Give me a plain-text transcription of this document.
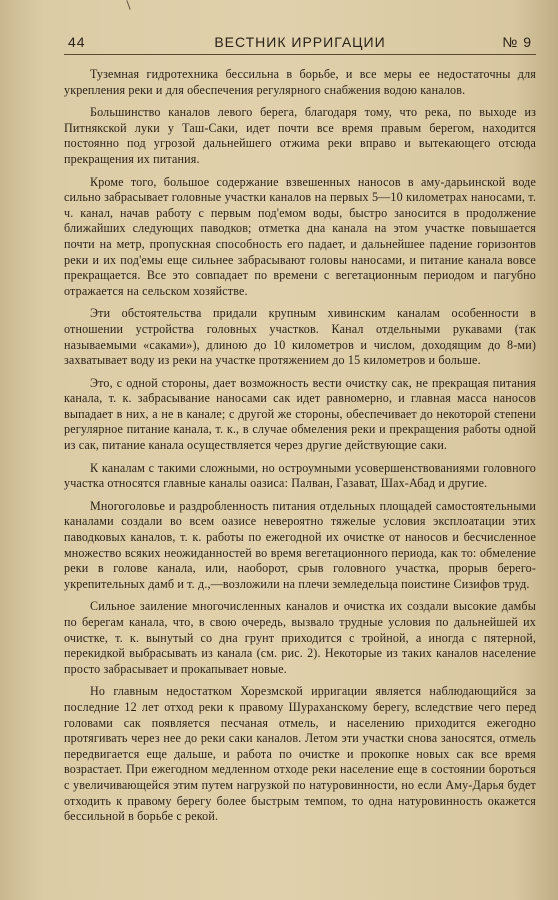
44	ВЕСТНИК ИРРИГАЦИИ	№ 9

Туземная гидротехника бессильна в борьбе, и все меры ее недостаточны для укрепления реки и для обеспечения регулярного снабжения водою каналов.

Большинство каналов левого берега, благодаря тому, что река, по выходе из Питнякской луки у Таш-Саки, идет почти все время правым берегом, находится постоянно под угрозой дальнейшего отжима реки вправо и вытекающего отсюда прекращения их питания.

Кроме того, большое содержание взвешенных наносов в аму-дарьинской воде сильно забрасывает головные участки каналов на первых 5—10 километрах наносами, т. ч. канал, начав работу с первым под'емом воды, быстро заносится в продолжение ближайших следующих паводков; отметка дна канала на этом участке повышается почти на метр, пропускная способность его падает, и дальнейшее падение горизонтов реки и их под'емы еще сильнее забрасывают головы наносами, и питание канала вовсе прекращается. Все это совпадает по времени с вегетационным периодом и пагубно отражается на сельском хозяйстве.

Эти обстоятельства придали крупным хивинским каналам особенности в отношении устройства головных участков. Канал отдельными рукавами (так называемыми «саками»), длиною до 10 километров и числом, доходящим до 8-ми) захватывает воду из реки на участке протяжением до 15 километров и больше.

Это, с одной стороны, дает возможность вести очистку сак, не прекращая питания канала, т. к. забрасывание наносами сак идет равномерно, и главная масса наносов выпадает в них, а не в канале; с другой же стороны, обеспечивает до некоторой степени регулярное питание канала, т. к., в случае обмеления реки и прекращения работы одной из сак, питание канала осуществляется через другие действующие саки.

К каналам с такими сложными, но остроумными усовершенствованиями головного участка относятся главные каналы оазиса: Палван, Газават, Шах-Абад и другие.

Многоголовье и раздробленность питания отдельных площадей самостоятельными каналами создали во всем оазисе невероятно тяжелые условия эксплоатации этих паводковых каналов, т. к. работы по ежегодной их очистке от наносов и бесчисленное множество всяких неожиданностей во время вегетационного периода, как то: обмеление реки в голове канала, или, наоборот, срыв головного участка, прорыв берего-укрепительных дамб и т. д.,—возложили на плечи земледельца поистине Сизифов труд.

Сильное заиление многочисленных каналов и очистка их создали высокие дамбы по берегам канала, что, в свою очередь, вызвало трудные условия по дальнейшей их очистке, т. к. вынутый со дна грунт приходится с тройной, а иногда с пятерной, перекидкой выбрасывать из канала (см. рис. 2). Некоторые из таких каналов население просто забрасывает и прокапывает новые.

Но главным недостатком Хорезмской ирригации является наблюдающийся за последние 12 лет отход реки к правому Шураханскому берегу, вследствие чего перед головами сак появляется песчаная отмель, и населению приходится ежегодно протягивать через нее до реки саки каналов. Летом эти участки снова заносятся, отмель передвигается еще дальше, и работа по очистке и прокопке новых сак все время возрастает. При ежегодном медленном отходе реки население еще в состоянии бороться с увеличивающейся этим путем нагрузкой по натуровинности, но если Аму-Дарья будет отходить к правому берегу более быстрым темпом, то одна натуровинность окажется бессильной в борьбе с рекой.
